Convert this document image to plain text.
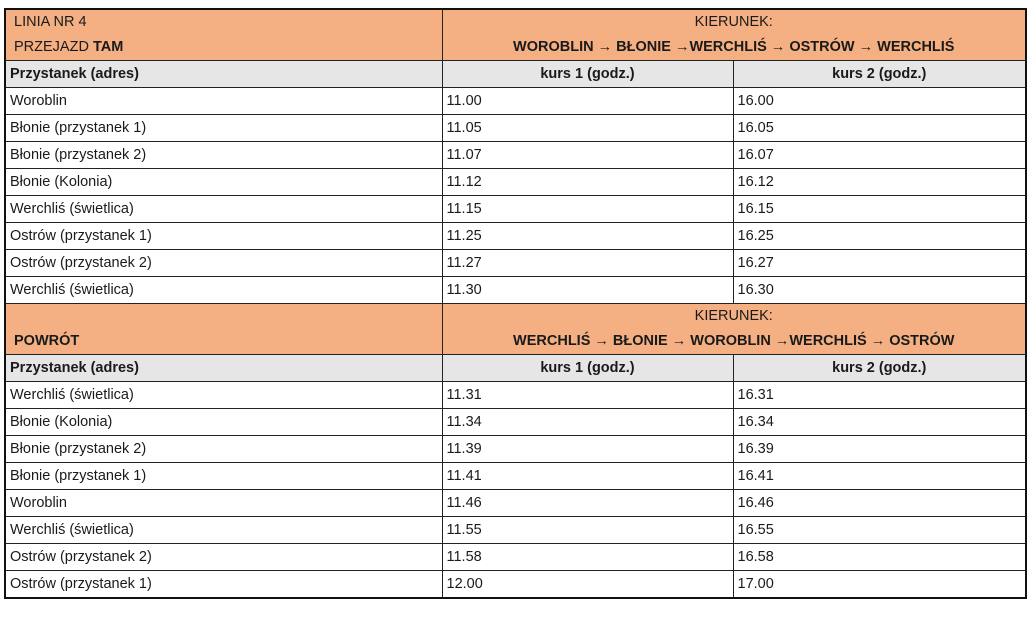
LINIA NR 4
PRZEJAZD TAM	KIERUNEK:
WOROBLIN → BŁONIE →WERCHLIŚ → OSTRÓW → WERCHLIŚ	

Przystanek (adres)	kurs 1 (godz.)	kurs 2 (godz.)
Woroblin	11.00	16.00
Błonie (przystanek 1)	11.05	16.05
Błonie (przystanek 2)	11.07	16.07
Błonie (Kolonia)	11.12	16.12
Werchliś (świetlica)	11.15	16.15
Ostrów (przystanek 1)	11.25	16.25
Ostrów (przystanek 2)	11.27	16.27
Werchliś (świetlica)	11.30	16.30

POWRÓT	KIERUNEK:
WERCHLIŚ → BŁONIE → WOROBLIN →WERCHLIŚ → OSTRÓW	

Przystanek (adres)	kurs 1 (godz.)	kurs 2 (godz.)
Werchliś (świetlica)	11.31	16.31
Błonie (Kolonia)	11.34	16.34
Błonie (przystanek 2)	11.39	16.39
Błonie (przystanek 1)	11.41	16.41
Woroblin	11.46	16.46
Werchliś (świetlica)	11.55	16.55
Ostrów (przystanek 2)	11.58	16.58
Ostrów (przystanek 1)	12.00	17.00
